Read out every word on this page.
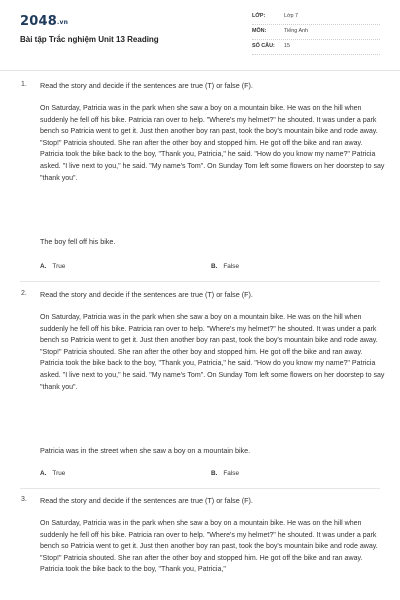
2048.vn
Bài tập Trắc nghiệm Unit 13 Reading
LỚP:	Lớp 7
MÔN:	Tiếng Anh
SỐ CÂU: 15
1. Read the story and decide if the sentences are true (T) or false (F).

On Saturday, Patricia was in the park when she saw a boy on a mountain bike. He was on the hill when suddenly he fell off his bike. Patricia ran over to help. "Where's my helmet?" he shouted. It was under a park bench so Patricia went to get it. Just then another boy ran past, took the boy's mountain bike and rode away. "Stop!" Patricia shouted. She ran after the other boy and stopped him. He got off the bike and ran away. Patricia took the bike back to the boy, "Thank you, Patricia," he said. "How do you know my name?" Patricia asked. "I live next to you," he said. "My name's Tom". On Sunday Tom left some flowers on her doorstep to say "thank you".

The boy fell off his bike.
A. True	B. False
2. Read the story and decide if the sentences are true (T) or false (F).

On Saturday, Patricia was in the park when she saw a boy on a mountain bike. He was on the hill when suddenly he fell off his bike. Patricia ran over to help. "Where's my helmet?" he shouted. It was under a park bench so Patricia went to get it. Just then another boy ran past, took the boy's mountain bike and rode away. "Stop!" Patricia shouted. She ran after the other boy and stopped him. He got off the bike and ran away. Patricia took the bike back to the boy, "Thank you, Patricia," he said. "How do you know my name?" Patricia asked. "I live next to you," he said. "My name's Tom". On Sunday Tom left some flowers on her doorstep to say "thank you".

Patricia was in the street when she saw a boy on a mountain bike.
A. True	B. False
3. Read the story and decide if the sentences are true (T) or false (F).

On Saturday, Patricia was in the park when she saw a boy on a mountain bike. He was on the hill when suddenly he fell off his bike. Patricia ran over to help. "Where's my helmet?" he shouted. It was under a park bench so Patricia went to get it. Just then another boy ran past, took the boy's mountain bike and rode away. "Stop!" Patricia shouted. She ran after the other boy and stopped him. He got off the bike and ran away. Patricia took the bike back to the boy, "Thank you, Patricia,"
